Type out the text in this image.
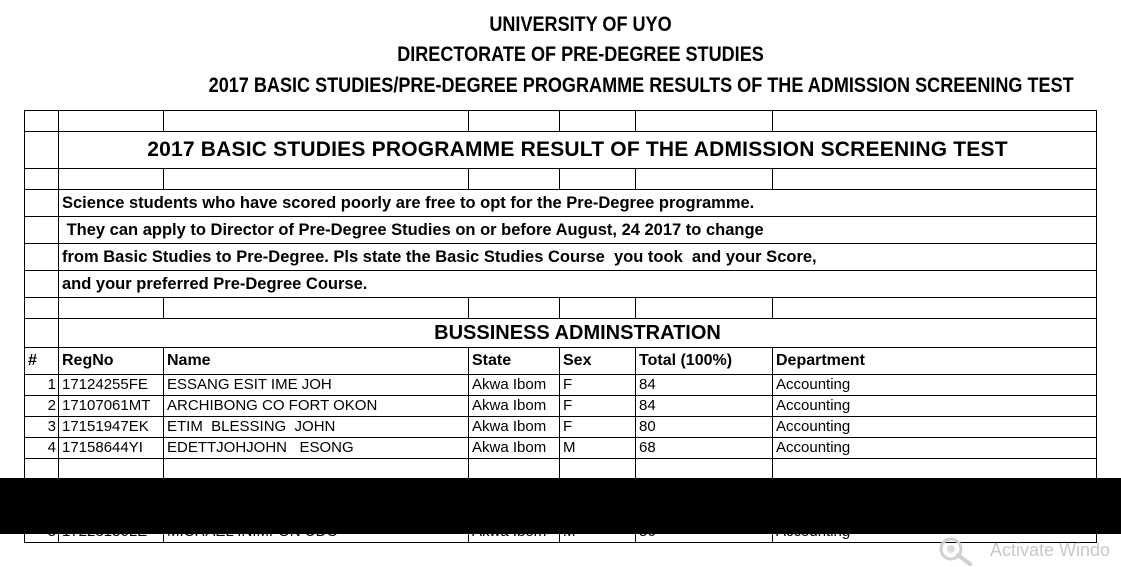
UNIVERSITY OF UYO
DIRECTORATE OF PRE-DEGREE STUDIES
2017 BASIC STUDIES/PRE-DEGREE PROGRAMME RESULTS OF THE ADMISSION SCREENING TEST

	2017 BASIC STUDIES PROGRAMME RESULT OF THE ADMISSION SCREENING TEST					

	Science students who have scored poorly are free to opt for the Pre-Degree programme.					
	They can apply to Director of Pre-Degree Studies on or before August, 24 2017 to change					
	from Basic Studies to Pre-Degree. Pls state the Basic Studies Course  you took  and your Score,					
	and your preferred Pre-Degree Course.					

	BUSSINESS ADMINSTRATION					
#	RegNo	Name	State	Sex	Total (100%)	Department
1	17124255FE	ESSANG ESIT IME JOH	Akwa Ibom	F	84	Accounting
2	17107061MT	ARCHIBONG CO FORT OKON	Akwa Ibom	F	84	Accounting
3	17151947EK	ETIM  BLESSING  JOHN	Akwa Ibom	F	80	Accounting
4	17158644YI	EDETTJOHJOHN   ESONG	Akwa Ibom	M	68	Accounting

Activate Windo
